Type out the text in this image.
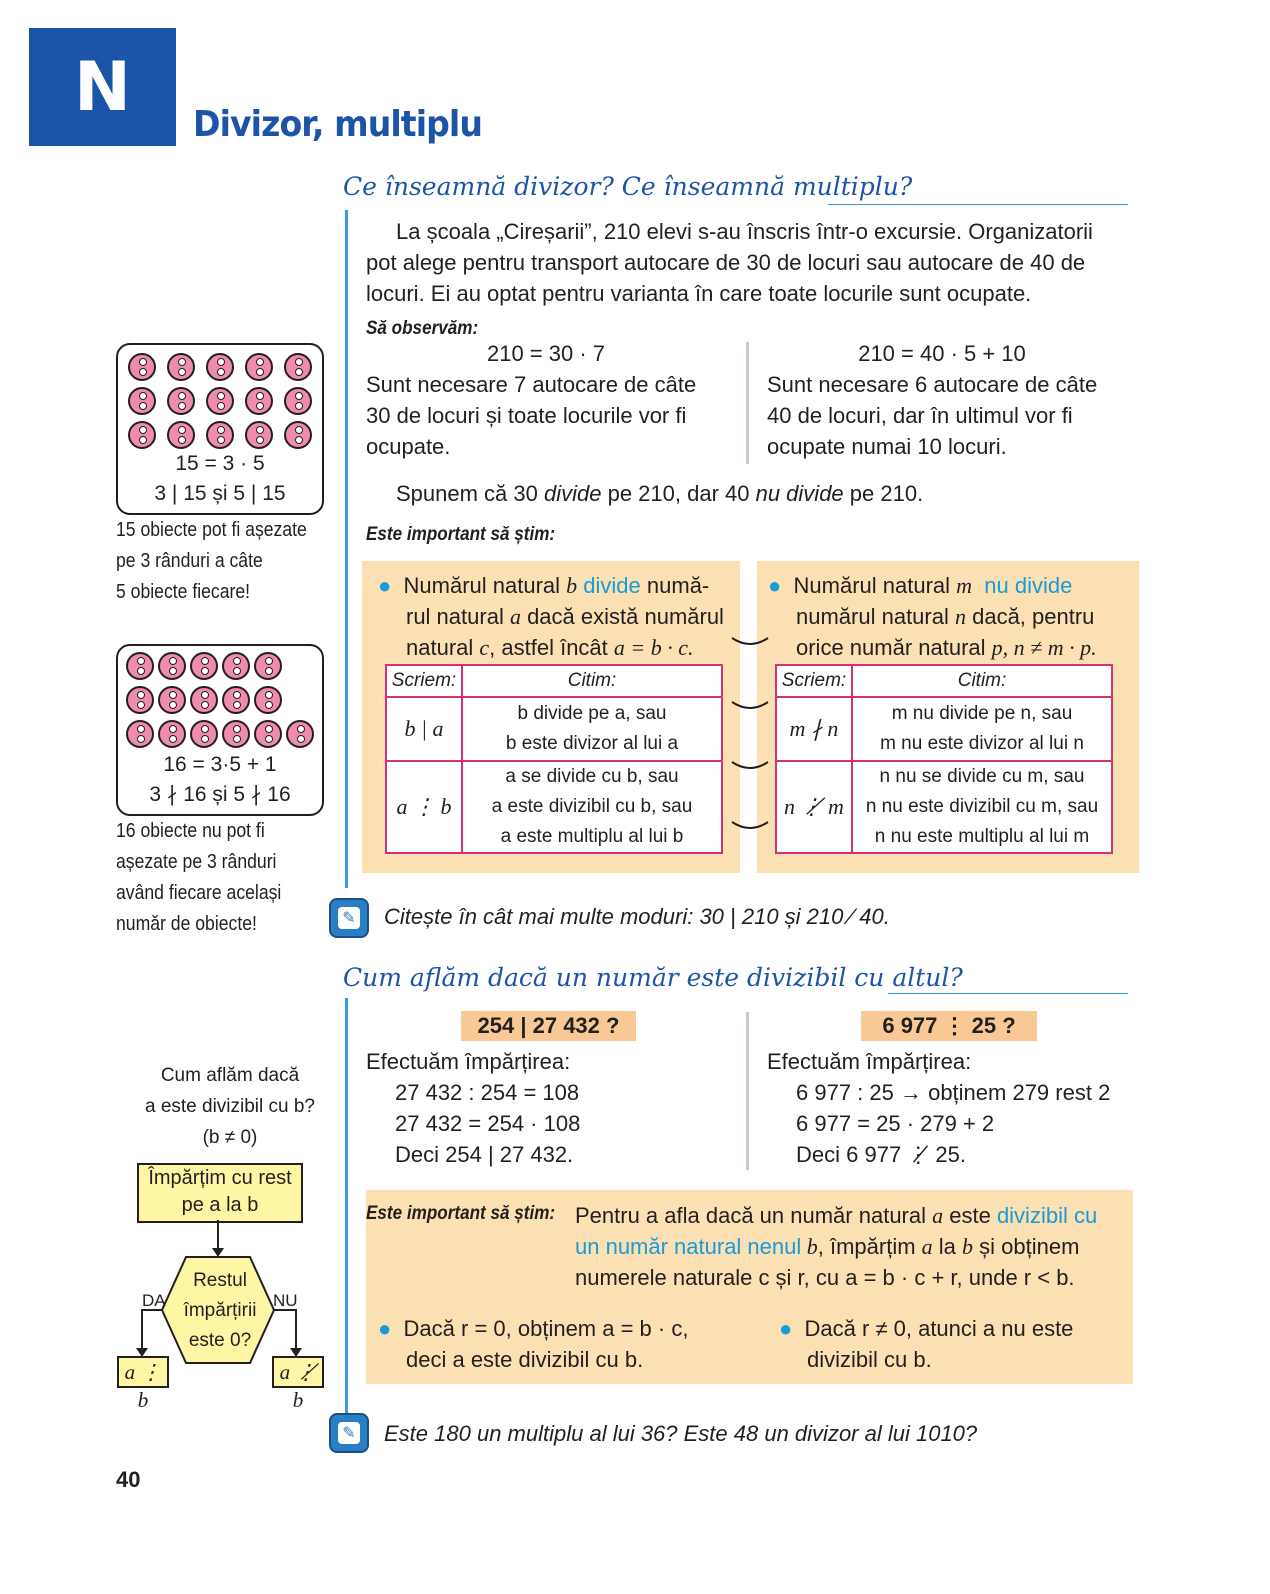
N Divizor, multiplu
Ce înseamnă divizor? Ce înseamnă multiplu?
La școala „Cireșarii”, 210 elevi s-au înscris într-o excursie. Organizatorii
pot alege pentru transport autocare de 30 de locuri sau autocare de 40 de
locuri. Ei au optat pentru varianta în care toate locurile sunt ocupate.
Să observăm:
210 = 30 · 7
Sunt necesare 7 autocare de câte
30 de locuri și toate locurile vor fi
ocupate.
210 = 40 · 5 + 10
Sunt necesare 6 autocare de câte
40 de locuri, dar în ultimul vor fi
ocupate numai 10 locuri.
Spunem că 30 divide pe 210, dar 40 nu divide pe 210.
Este important să știm:
● Numărul natural b divide numă-
rul natural a dacă există numărul
natural c, astfel încât a = b · c.
● Numărul natural m nu divide
numărul natural n dacă, pentru
orice număr natural p, n ≠ m · p.
Scriem:	Citim:
b | a	b divide pe a, sau
b este divizor al lui a

a ⋮ b	a se divide cu b, sau
a este divizibil cu b, sau
a este multiplu al lui b
Scriem:	Citim:
m ∤ n	m nu divide pe n, sau
m nu este divizor al lui n

n ⋮̸ m	n nu se divide cu m, sau
n nu este divizibil cu m, sau
n nu este multiplu al lui m
✎ Citește în cât mai multe moduri: 30 | 210 și 210 ⁄ 40.
15 = 3 · 5
3 | 15 și 5 | 15
15 obiecte pot fi așezate
pe 3 rânduri a câte
5 obiecte fiecare!
16 = 3·5 + 1
3 ∤ 16 și 5 ∤ 16
16 obiecte nu pot fi
așezate pe 3 rânduri
având fiecare același
număr de obiecte!
Cum aflăm dacă un număr este divizibil cu altul?
254 | 27 432 ?
Efectuăm împărțirea:
27 432 : 254 = 108
27 432 = 254 · 108
Deci 254 | 27 432.
6 977 ⋮ 25 ?
Efectuăm împărțirea:
6 977 : 25 → obținem 279 rest 2
6 977 = 25 · 279 + 2
Deci 6 977 ⋮̸ 25.
Este important să știm: Pentru a afla dacă un număr natural a este divizibil cu
un număr natural nenul b, împărțim a la b și obținem
numerele naturale c și r, cu a = b · c + r, unde r < b.
● Dacă r = 0, obținem a = b · c,
deci a este divizibil cu b.
● Dacă r ≠ 0, atunci a nu este
divizibil cu b.
✎ Este 180 un multiplu al lui 36? Este 48 un divizor al lui 1010?
Cum aflăm dacă
a este divizibil cu b?
(b ≠ 0)
Împărțim cu rest
pe a la b
Restul
împărțirii
este 0?
DA	NU
a ⋮ b
a ⋮̸ b
40
